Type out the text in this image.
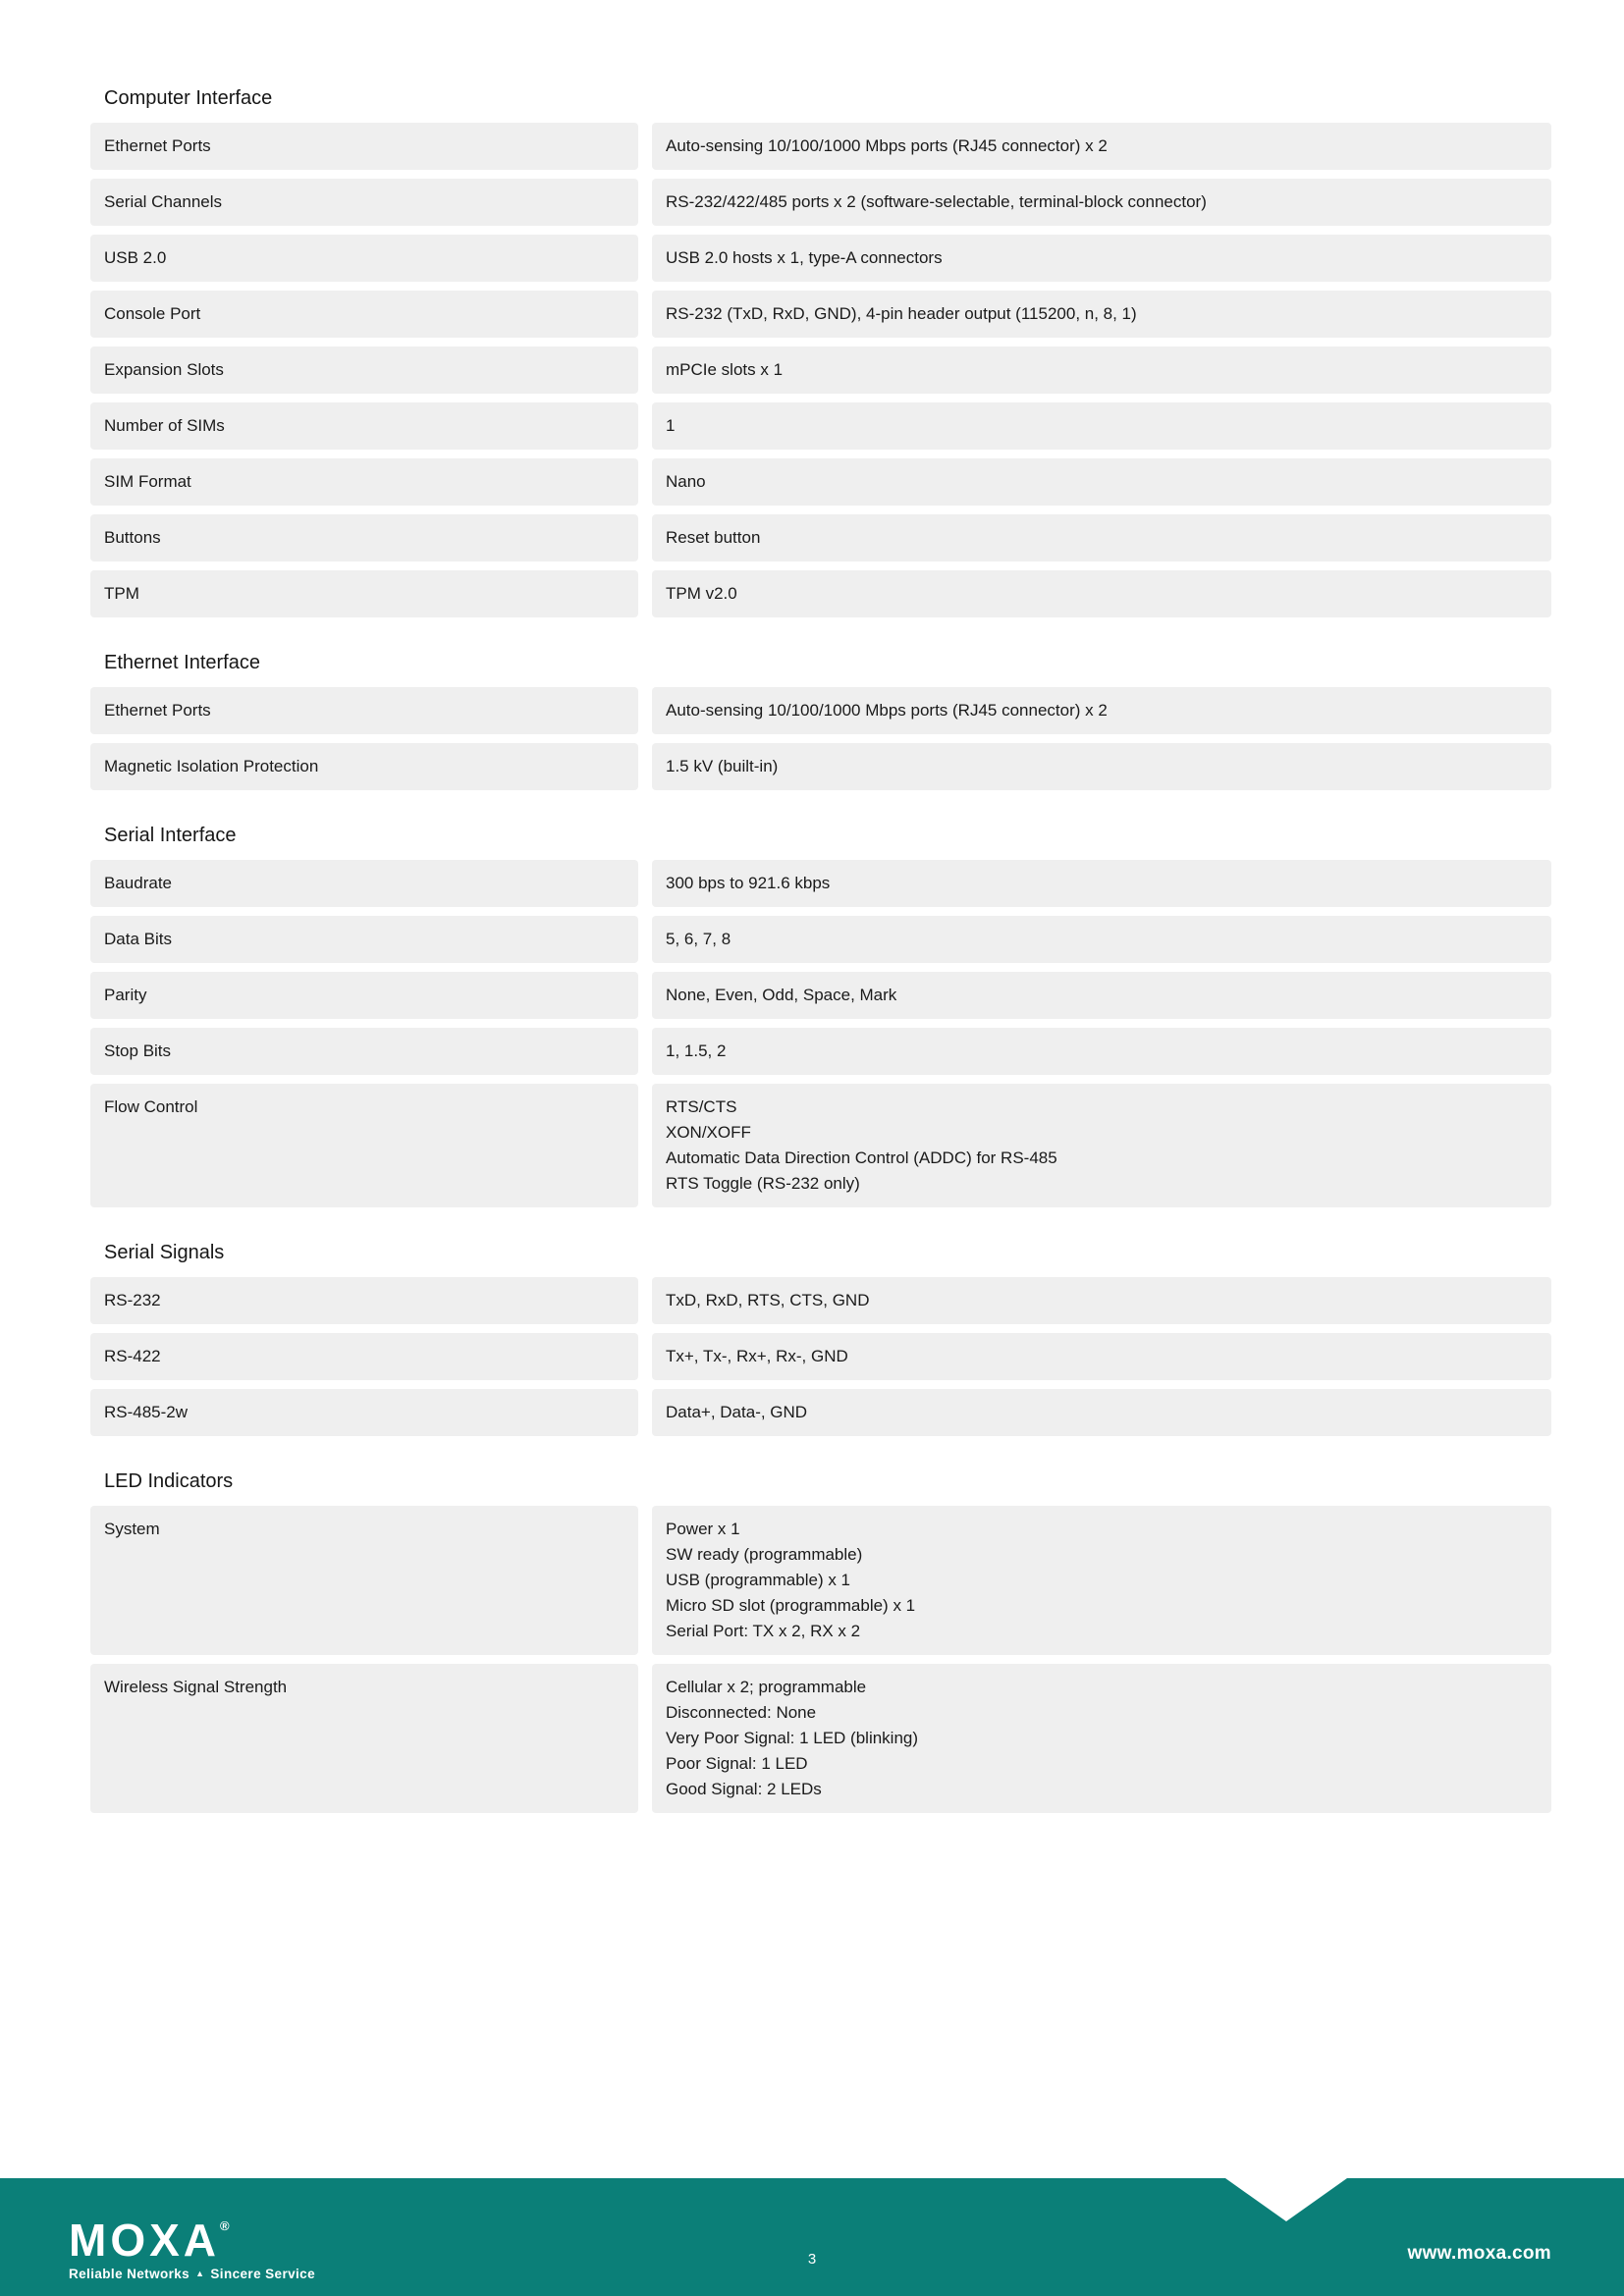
Computer Interface
Ethernet Ports	Auto-sensing 10/100/1000 Mbps ports (RJ45 connector) x 2
Serial Channels	RS-232/422/485 ports x 2 (software-selectable, terminal-block connector)
USB 2.0	USB 2.0 hosts x 1, type-A connectors
Console Port	RS-232 (TxD, RxD, GND), 4-pin header output (115200, n, 8, 1)
Expansion Slots	mPCIe slots x 1
Number of SIMs	1
SIM Format	Nano
Buttons	Reset button
TPM	TPM v2.0
Ethernet Interface
Ethernet Ports	Auto-sensing 10/100/1000 Mbps ports (RJ45 connector) x 2
Magnetic Isolation Protection	1.5 kV (built-in)
Serial Interface
Baudrate	300 bps to 921.6 kbps
Data Bits	5, 6, 7, 8
Parity	None, Even, Odd, Space, Mark
Stop Bits	1, 1.5, 2
Flow Control	RTS/CTS
XON/XOFF
Automatic Data Direction Control (ADDC) for RS-485
RTS Toggle (RS-232 only)
Serial Signals
RS-232	TxD, RxD, RTS, CTS, GND
RS-422	Tx+, Tx-, Rx+, Rx-, GND
RS-485-2w	Data+, Data-, GND
LED Indicators
System	Power x 1
SW ready (programmable)
USB (programmable) x 1
Micro SD slot (programmable) x 1
Serial Port: TX x 2, RX x 2
Wireless Signal Strength	Cellular x 2; programmable
Disconnected: None
Very Poor Signal: 1 LED (blinking)
Poor Signal: 1 LED
Good Signal: 2 LEDs
MOXA®
Reliable Networks ▲ Sincere Service
3	www.moxa.com
